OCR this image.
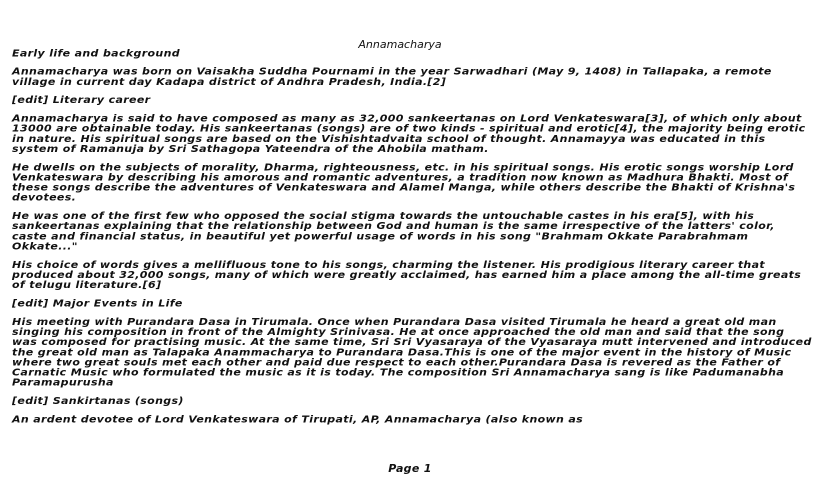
Annamacharya

Early life and background

Annamacharya was born on Vaisakha Suddha Pournami in the year Sarwadhari (May 9, 1408) in Tallapaka, a remote village in current day Kadapa district of Andhra Pradesh, India.[2]

[edit] Literary career

Annamacharya is said to have composed as many as 32,000 sankeertanas on Lord Venkateswara[3], of which only about 13000 are obtainable today. His sankeertanas (songs) are of two kinds - spiritual and erotic[4], the majority being erotic in nature. His spiritual songs are based on the Vishishtadvaita school of thought. Annamayya was educated in this system of Ramanuja by Sri Sathagopa Yateendra of the Ahobila matham.

He dwells on the subjects of morality, Dharma, righteousness, etc. in his spiritual songs. His erotic songs worship Lord Venkateswara by describing his amorous and romantic adventures, a tradition now known as Madhura Bhakti. Most of these songs describe the adventures of Venkateswara and Alamel Manga, while others describe the Bhakti of Krishna's devotees.

He was one of the first few who opposed the social stigma towards the untouchable castes in his era[5], with his sankeertanas explaining that the relationship between God and human is the same irrespective of the latters' color, caste and financial status, in beautiful yet powerful usage of words in his song "Brahmam Okkate Parabrahmam Okkate..."

His choice of words gives a mellifluous tone to his songs, charming the listener. His prodigious literary career that produced about 32,000 songs, many of which were greatly acclaimed, has earned him a place among the all-time greats of telugu literature.[6]

[edit] Major Events in Life

His meeting with Purandara Dasa in Tirumala. Once when Purandara Dasa visited Tirumala he heard a great old man singing his composition in front of the Almighty Srinivasa. He at once approached the old man and said that the song was composed for practising music. At the same time, Sri Sri Vyasaraya of the Vyasaraya mutt intervened and introduced the great old man as Talapaka Anammacharya to Purandara Dasa.This is one of the major event in the history of Music where two great souls met each other and paid due respect to each other.Purandara Dasa is revered as the Father of Carnatic Music who formulated the music as it is today. The composition Sri Annamacharya sang is like Padumanabha Paramapurusha

[edit] Sankirtanas (songs)

An ardent devotee of Lord Venkateswara of Tirupati, AP, Annamacharya (also known as

Page 1
